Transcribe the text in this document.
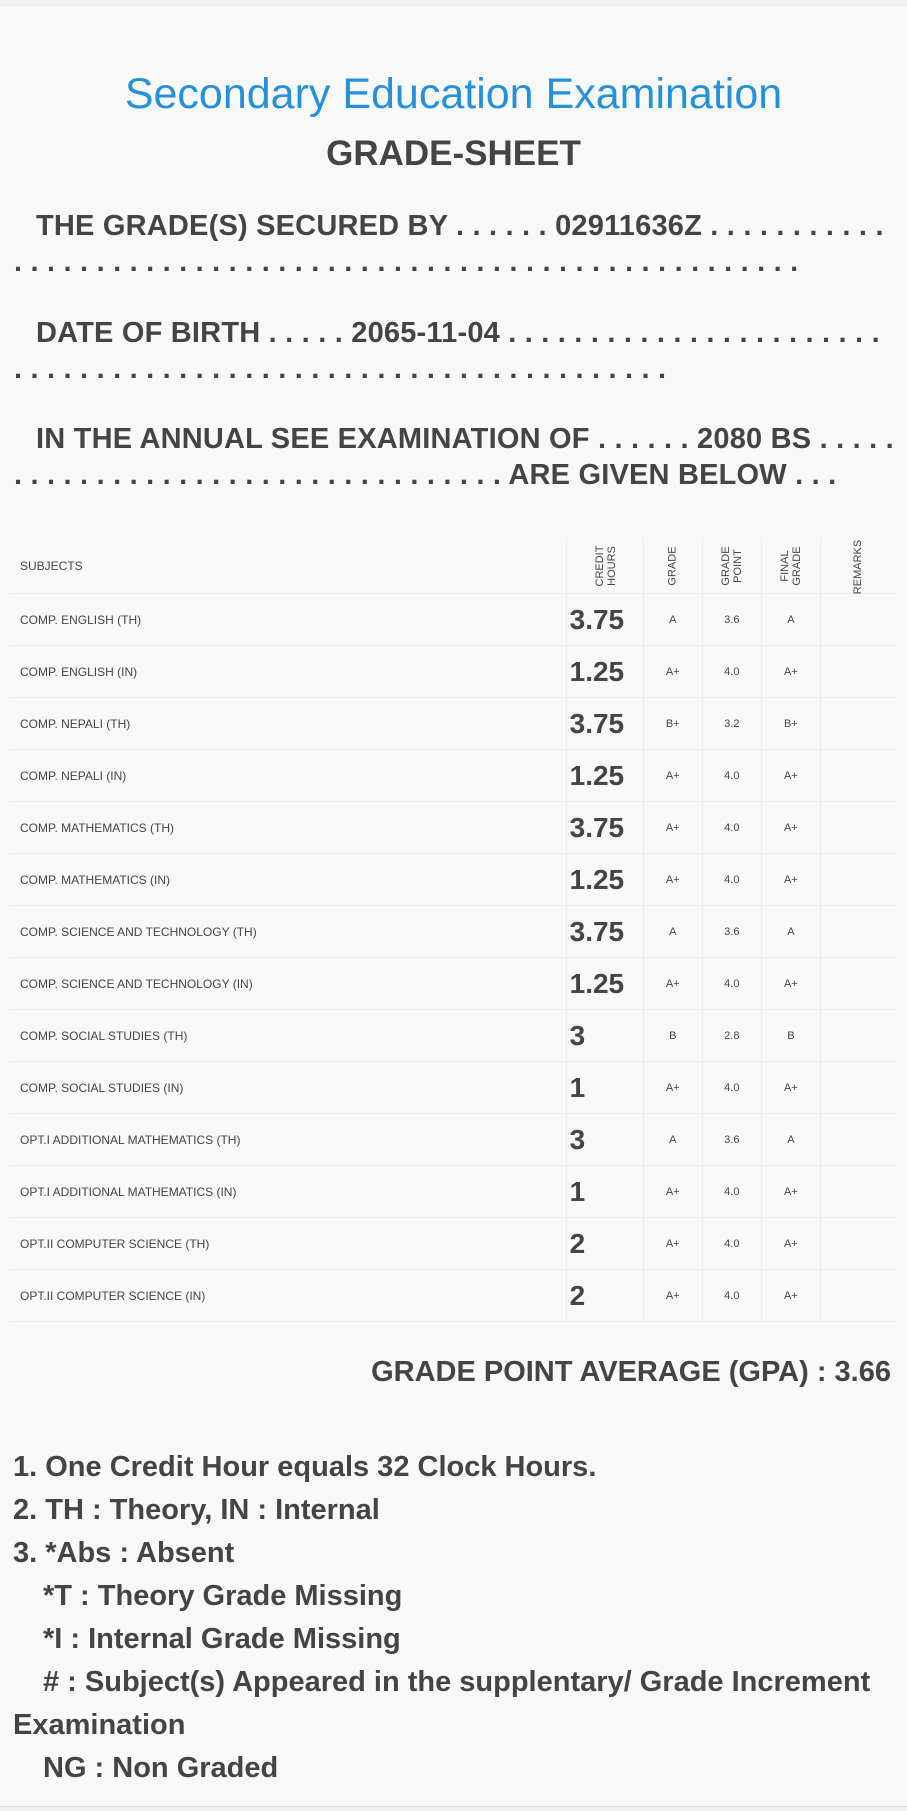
Secondary Education Examination
GRADE-SHEET
THE GRADE(S) SECURED BY . . . . . . 02911636Z . . . . . . . . . . . . . . . . . . . . . . . . . . . . . . . . . . . . . . . . . . . . . . . . . . . . . . . . . . .
DATE OF BIRTH . . . . . 2065-11-04 . . . . . . . . . . . . . . . . . . . . . . . . . . . . . . . . . . . . . . . . . . . . . . . . . . . . . . . . . . . . . . .
IN THE ANNUAL SEE EXAMINATION OF . . . . . . 2080 BS . . . . . . . . . . . . . . . . . . . . . . . . . . . . . . . . . . . ARE GIVEN BELOW . . .
SUBJECTS	CREDIT HOURS	GRADE	GRADE POINT	FINAL GRADE	REMARKS
COMP. ENGLISH (TH)	3.75	A	3.6	A	
COMP. ENGLISH (IN)	1.25	A+	4.0	A+	
COMP. NEPALI (TH)	3.75	B+	3.2	B+	
COMP. NEPALI (IN)	1.25	A+	4.0	A+	
COMP. MATHEMATICS (TH)	3.75	A+	4.0	A+	
COMP. MATHEMATICS (IN)	1.25	A+	4.0	A+	
COMP. SCIENCE AND TECHNOLOGY (TH)	3.75	A	3.6	A	
COMP. SCIENCE AND TECHNOLOGY (IN)	1.25	A+	4.0	A+	
COMP. SOCIAL STUDIES (TH)	3	B	2.8	B	
COMP. SOCIAL STUDIES (IN)	1	A+	4.0	A+	
OPT.I ADDITIONAL MATHEMATICS (TH)	3	A	3.6	A	
OPT.I ADDITIONAL MATHEMATICS (IN)	1	A+	4.0	A+	
OPT.II COMPUTER SCIENCE (TH)	2	A+	4.0	A+	
OPT.II COMPUTER SCIENCE (IN)	2	A+	4.0	A+	
GRADE POINT AVERAGE (GPA) : 3.66
1. One Credit Hour equals 32 Clock Hours.
2. TH : Theory, IN : Internal
3. *Abs : Absent
*T : Theory Grade Missing
*I : Internal Grade Missing
# : Subject(s) Appeared in the supplentary/ Grade Increment Examination
NG : Non Graded
